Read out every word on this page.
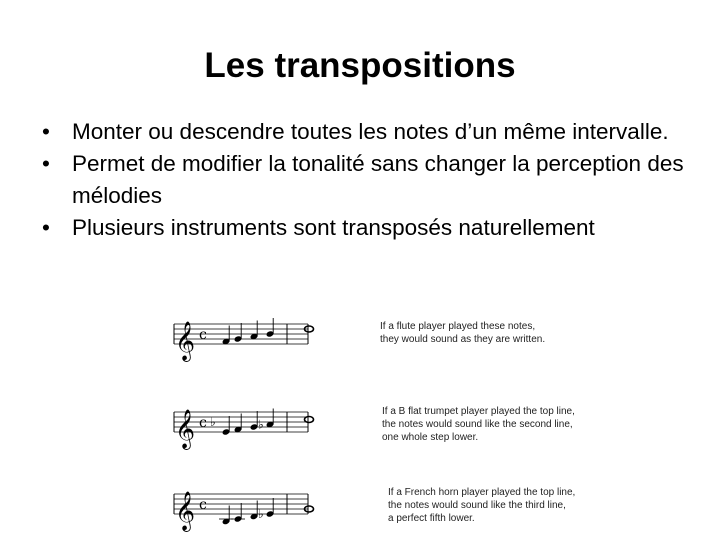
Les transpositions
• Monter ou descendre toutes les notes d’un même intervalle.
• Permet de modifier la tonalité sans changer la perception des mélodies
• Plusieurs instruments sont transposés naturellement
𝄞 c
If a flute player played these notes,
they would sound as they are written.
𝄞 ♭
c	♭
If a B flat trumpet player played the top line,
the notes would sound like the second line,
one whole step lower.
𝄞 c
♭
If a French horn player played the top line,
the notes would sound like the third line,
a perfect fifth lower.
